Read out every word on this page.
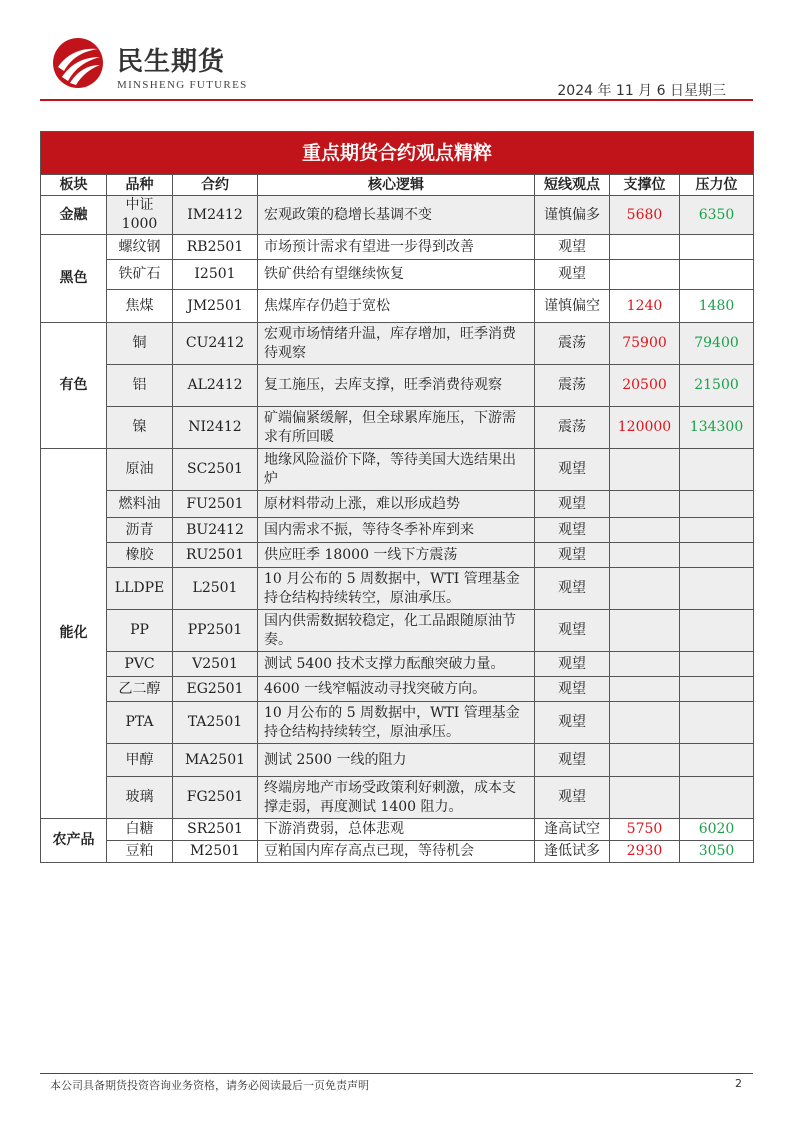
民生期货
MINSHENG FUTURES	2024 年 11 月 6 日星期三
重点期货合约观点精粹						
板块	品种	合约	核心逻辑	短线观点	支撑位	压力位
金融	中证1000	IM2412	宏观政策的稳增长基调不变	谨慎偏多	5680	6350
黑色	螺纹钢	RB2501	市场预计需求有望进一步得到改善	观望		
	铁矿石	I2501	铁矿供给有望继续恢复	观望		
	焦煤	JM2501	焦煤库存仍趋于宽松	谨慎偏空	1240	1480
有色	铜	CU2412	宏观市场情绪升温，库存增加，旺季消费待观察	震荡	75900	79400
	铝	AL2412	复工施压，去库支撑，旺季消费待观察	震荡	20500	21500
	镍	NI2412	矿端偏紧缓解，但全球累库施压，下游需求有所回暖	震荡	120000	134300
能化	原油	SC2501	地缘风险溢价下降，等待美国大选结果出炉	观望		
	燃料油	FU2501	原材料带动上涨，难以形成趋势	观望		
	沥青	BU2412	国内需求不振，等待冬季补库到来	观望		
	橡胶	RU2501	供应旺季 18000 一线下方震荡	观望		
	LLDPE	L2501	10 月公布的 5 周数据中，WTI 管理基金持仓结构持续转空，原油承压。	观望		
	PP	PP2501	国内供需数据较稳定，化工品跟随原油节奏。	观望		
	PVC	V2501	测试 5400 技术支撑力酝酿突破力量。	观望		
	乙二醇	EG2501	4600 一线窄幅波动寻找突破方向。	观望		
	PTA	TA2501	10 月公布的 5 周数据中，WTI 管理基金持仓结构持续转空，原油承压。	观望		
	甲醇	MA2501	测试 2500 一线的阻力	观望		
	玻璃	FG2501	终端房地产市场受政策利好刺激，成本支撑走弱，再度测试 1400 阻力。	观望		
农产品	白糖	SR2501	下游消费弱，总体悲观	逢高试空	5750	6020
	豆粕	M2501	豆粕国内库存高点已现，等待机会	逢低试多	2930	3050
本公司具备期货投资咨询业务资格，请务必阅读最后一页免责声明	2
